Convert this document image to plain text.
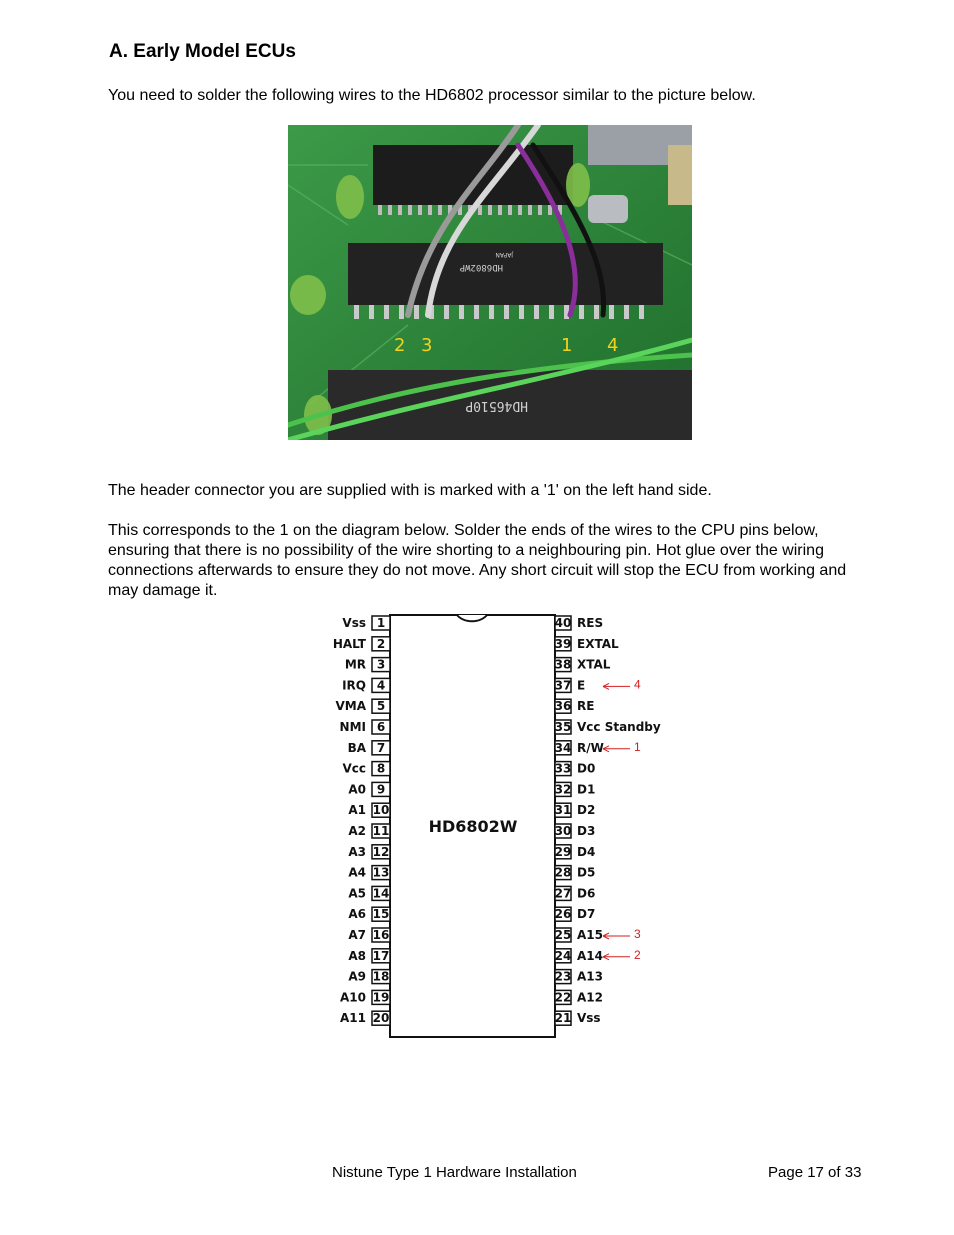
A. Early Model ECUs
You need to solder the following wires to the HD6802 processor similar to the picture below.
HD6802WP
JAPAN
HD46510P
2 3	1 4
The header connector you are supplied with is marked with a '1' on the left hand side.
This corresponds to the 1 on the diagram below. Solder the ends of the wires to the CPU pins below, ensuring that there is no possibility of the wire shorting to a neighbouring pin. Hot glue over the wiring connections afterwards to ensure they do not move. Any short circuit will stop the ECU from working and may damage it.
HD6802W
1
Vss
2
HALT
3
MR
4
IRQ
5
VMA
6
NMI
7
BA
8
Vcc
9
A0
10
A1
11
A2
12
A3
13
A4
14
A5
15
A6
16
A7
17
A8
18
A9
19
A10
20
A11
40 RES
39 EXTAL
38 XTAL
37 E
36 RE
35 Vcc Standby
34 R/W
33 D0
32 D1
31 D2
30 D3
29 D4
28 D5
27 D6
26 D7
25 A15
24 A14
23 A13
22 A12
21 Vss
4
1
3
2
Nistune Type 1 Hardware Installation	Page 17 of 33
